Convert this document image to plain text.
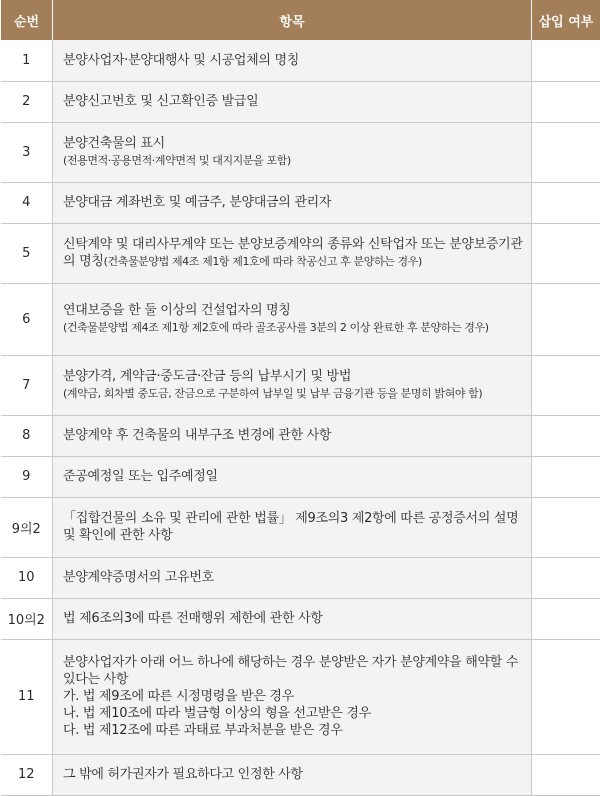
순번	항목	삽입 여부
1	분양사업자·분양대행사 및 시공업체의 명칭	

2	분양신고번호 및 신고확인증 발급일	

3	분양건축물의 표시
(전용면적·공용면적·계약면적 및 대지지분을 포함)	

4	분양대금 계좌번호 및 예금주, 분양대금의 관리자	

5	신탁계약 및 대리사무계약 또는 분양보증계약의 종류와 신탁업자 또는 분양보증기관의 명칭(건축물분양법 제4조 제1항 제1호에 따라 착공신고 후 분양하는 경우)	
6	연대보증을 한 둘 이상의 건설업자의 명칭
(건축물분양법 제4조 제1항 제2호에 따라 골조공사를 3분의 2 이상 완료한 후 분양하는 경우)	

7	분양가격, 계약금·중도금·잔금 등의 납부시기 및 방법
(계약금, 회차별 중도금, 잔금으로 구분하여 납부일 및 납부 금융기관 등을 분명히 밝혀야 함)	

8	분양계약 후 건축물의 내부구조 변경에 관한 사항	

9	준공예정일 또는 입주예정일	

9의2	「집합건물의 소유 및 관리에 관한 법률」 제9조의3 제2항에 따른 공정증서의 설명 및 확인에 관한 사항	

10	분양계약증명서의 고유번호	

10의2	법 제6조의3에 따른 전매행위 제한에 관한 사항	

11	분양사업자가 아래 어느 하나에 해당하는 경우 분양받은 자가 분양계약을 해약할 수 있다는 사항
가. 법 제9조에 따른 시정명령을 받은 경우
나. 법 제10조에 따라 벌금형 이상의 형을 선고받은 경우
다. 법 제12조에 따른 과태료 부과처분을 받은 경우	

12	그 밖에 허가권자가 필요하다고 인정한 사항	
